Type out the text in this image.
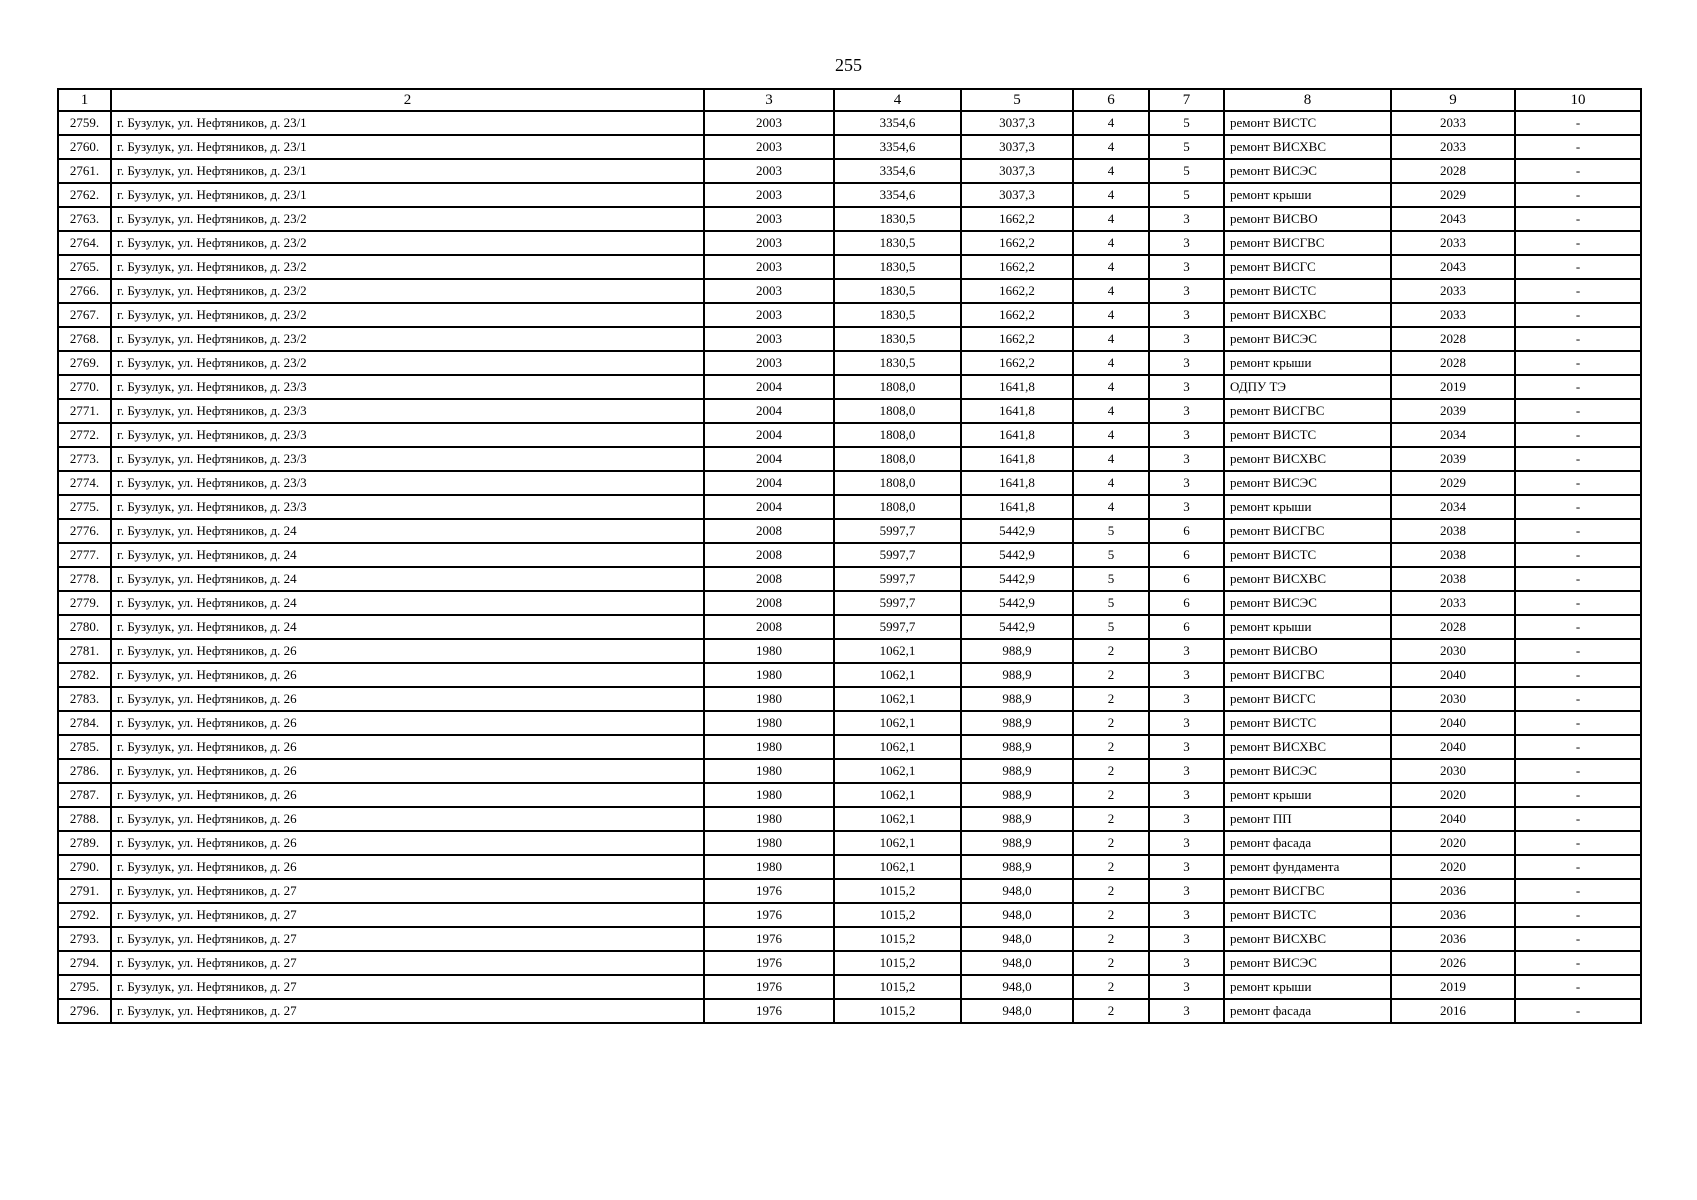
255
1	2	3	4	5	6	7	8	9	10
2759.	г. Бузулук, ул. Нефтяников, д. 23/1	2003	3354,6	3037,3	4	5	ремонт ВИСТС	2033	-
2760.	г. Бузулук, ул. Нефтяников, д. 23/1	2003	3354,6	3037,3	4	5	ремонт ВИСХВС	2033	-
2761.	г. Бузулук, ул. Нефтяников, д. 23/1	2003	3354,6	3037,3	4	5	ремонт ВИСЭС	2028	-
2762.	г. Бузулук, ул. Нефтяников, д. 23/1	2003	3354,6	3037,3	4	5	ремонт крыши	2029	-
2763.	г. Бузулук, ул. Нефтяников, д. 23/2	2003	1830,5	1662,2	4	3	ремонт ВИСВО	2043	-
2764.	г. Бузулук, ул. Нефтяников, д. 23/2	2003	1830,5	1662,2	4	3	ремонт ВИСГВС	2033	-
2765.	г. Бузулук, ул. Нефтяников, д. 23/2	2003	1830,5	1662,2	4	3	ремонт ВИСГС	2043	-
2766.	г. Бузулук, ул. Нефтяников, д. 23/2	2003	1830,5	1662,2	4	3	ремонт ВИСТС	2033	-
2767.	г. Бузулук, ул. Нефтяников, д. 23/2	2003	1830,5	1662,2	4	3	ремонт ВИСХВС	2033	-
2768.	г. Бузулук, ул. Нефтяников, д. 23/2	2003	1830,5	1662,2	4	3	ремонт ВИСЭС	2028	-
2769.	г. Бузулук, ул. Нефтяников, д. 23/2	2003	1830,5	1662,2	4	3	ремонт крыши	2028	-
2770.	г. Бузулук, ул. Нефтяников, д. 23/3	2004	1808,0	1641,8	4	3	ОДПУ ТЭ	2019	-
2771.	г. Бузулук, ул. Нефтяников, д. 23/3	2004	1808,0	1641,8	4	3	ремонт ВИСГВС	2039	-
2772.	г. Бузулук, ул. Нефтяников, д. 23/3	2004	1808,0	1641,8	4	3	ремонт ВИСТС	2034	-
2773.	г. Бузулук, ул. Нефтяников, д. 23/3	2004	1808,0	1641,8	4	3	ремонт ВИСХВС	2039	-
2774.	г. Бузулук, ул. Нефтяников, д. 23/3	2004	1808,0	1641,8	4	3	ремонт ВИСЭС	2029	-
2775.	г. Бузулук, ул. Нефтяников, д. 23/3	2004	1808,0	1641,8	4	3	ремонт крыши	2034	-
2776.	г. Бузулук, ул. Нефтяников, д. 24	2008	5997,7	5442,9	5	6	ремонт ВИСГВС	2038	-
2777.	г. Бузулук, ул. Нефтяников, д. 24	2008	5997,7	5442,9	5	6	ремонт ВИСТС	2038	-
2778.	г. Бузулук, ул. Нефтяников, д. 24	2008	5997,7	5442,9	5	6	ремонт ВИСХВС	2038	-
2779.	г. Бузулук, ул. Нефтяников, д. 24	2008	5997,7	5442,9	5	6	ремонт ВИСЭС	2033	-
2780.	г. Бузулук, ул. Нефтяников, д. 24	2008	5997,7	5442,9	5	6	ремонт крыши	2028	-
2781.	г. Бузулук, ул. Нефтяников, д. 26	1980	1062,1	988,9	2	3	ремонт ВИСВО	2030	-
2782.	г. Бузулук, ул. Нефтяников, д. 26	1980	1062,1	988,9	2	3	ремонт ВИСГВС	2040	-
2783.	г. Бузулук, ул. Нефтяников, д. 26	1980	1062,1	988,9	2	3	ремонт ВИСГС	2030	-
2784.	г. Бузулук, ул. Нефтяников, д. 26	1980	1062,1	988,9	2	3	ремонт ВИСТС	2040	-
2785.	г. Бузулук, ул. Нефтяников, д. 26	1980	1062,1	988,9	2	3	ремонт ВИСХВС	2040	-
2786.	г. Бузулук, ул. Нефтяников, д. 26	1980	1062,1	988,9	2	3	ремонт ВИСЭС	2030	-
2787.	г. Бузулук, ул. Нефтяников, д. 26	1980	1062,1	988,9	2	3	ремонт крыши	2020	-
2788.	г. Бузулук, ул. Нефтяников, д. 26	1980	1062,1	988,9	2	3	ремонт ПП	2040	-
2789.	г. Бузулук, ул. Нефтяников, д. 26	1980	1062,1	988,9	2	3	ремонт фасада	2020	-
2790.	г. Бузулук, ул. Нефтяников, д. 26	1980	1062,1	988,9	2	3	ремонт фундамента	2020	-
2791.	г. Бузулук, ул. Нефтяников, д. 27	1976	1015,2	948,0	2	3	ремонт ВИСГВС	2036	-
2792.	г. Бузулук, ул. Нефтяников, д. 27	1976	1015,2	948,0	2	3	ремонт ВИСТС	2036	-
2793.	г. Бузулук, ул. Нефтяников, д. 27	1976	1015,2	948,0	2	3	ремонт ВИСХВС	2036	-
2794.	г. Бузулук, ул. Нефтяников, д. 27	1976	1015,2	948,0	2	3	ремонт ВИСЭС	2026	-
2795.	г. Бузулук, ул. Нефтяников, д. 27	1976	1015,2	948,0	2	3	ремонт крыши	2019	-
2796.	г. Бузулук, ул. Нефтяников, д. 27	1976	1015,2	948,0	2	3	ремонт фасада	2016	-
